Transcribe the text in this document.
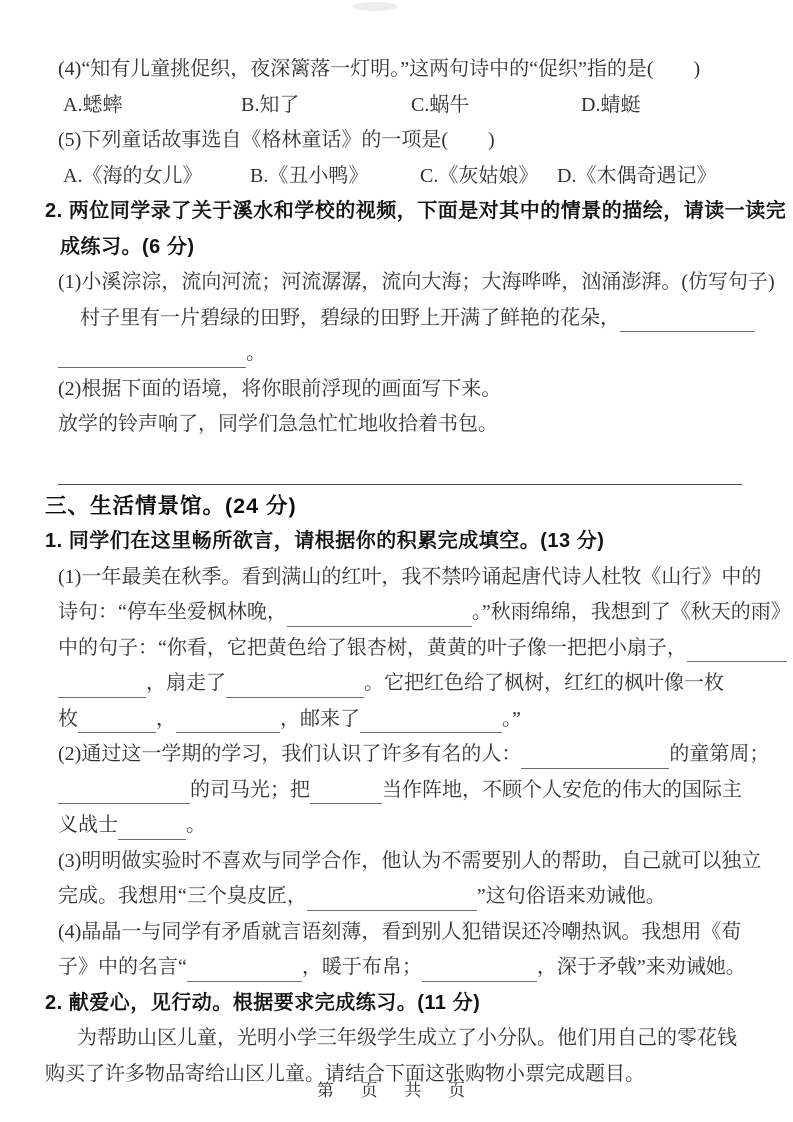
(4)“知有儿童挑促织，夜深篱落一灯明。”这两句诗中的“促织”指的是(　　)
A.蟋蟀	B.知了	C.蜗牛	D.蜻蜓
(5)下列童话故事选自《格林童话》的一项是(　　)
A.《海的女儿》	B.《丑小鸭》	C.《灰姑娘》 D.《木偶奇遇记》
2. 两位同学录了关于溪水和学校的视频，下面是对其中的情景的描绘，请读一读完
成练习。(6 分)
(1)小溪淙淙，流向河流；河流潺潺，流向大海；大海哗哗，汹涌澎湃。(仿写句子)
村子里有一片碧绿的田野，碧绿的田野上开满了鲜艳的花朵，
。
(2)根据下面的语境，将你眼前浮现的画面写下来。
放学的铃声响了，同学们急急忙忙地收拾着书包。
三、生活情景馆。(24 分)
1. 同学们在这里畅所欲言，请根据你的积累完成填空。(13 分)
(1)一年最美在秋季。看到满山的红叶，我不禁吟诵起唐代诗人杜牧《山行》中的
诗句：“停车坐爱枫林晚，	。”秋雨绵绵，我想到了《秋天的雨》
中的句子：“你看，它把黄色给了银杏树，黄黄的叶子像一把把小扇子，
，扇走了	。它把红色给了枫树，红红的枫叶像一枚
枚	，	，邮来了	。”
(2)通过这一学期的学习，我们认识了许多有名的人：	的童第周；
的司马光；把	当作阵地，不顾个人安危的伟大的国际主
义战士	。
(3)明明做实验时不喜欢与同学合作，他认为不需要别人的帮助，自己就可以独立
完成。我想用“三个臭皮匠，	”这句俗语来劝诫他。
(4)晶晶一与同学有矛盾就言语刻薄，看到别人犯错误还冷嘲热讽。我想用《荀
子》中的名言“	，暖于布帛；	，深于矛戟”来劝诫她。
2. 献爱心，见行动。根据要求完成练习。(11 分)
为帮助山区儿童，光明小学三年级学生成立了小分队。他们用自己的零花钱
购买了许多物品寄给山区儿童。请结合下面这张购物小票完成题目。
第 页 共 页
